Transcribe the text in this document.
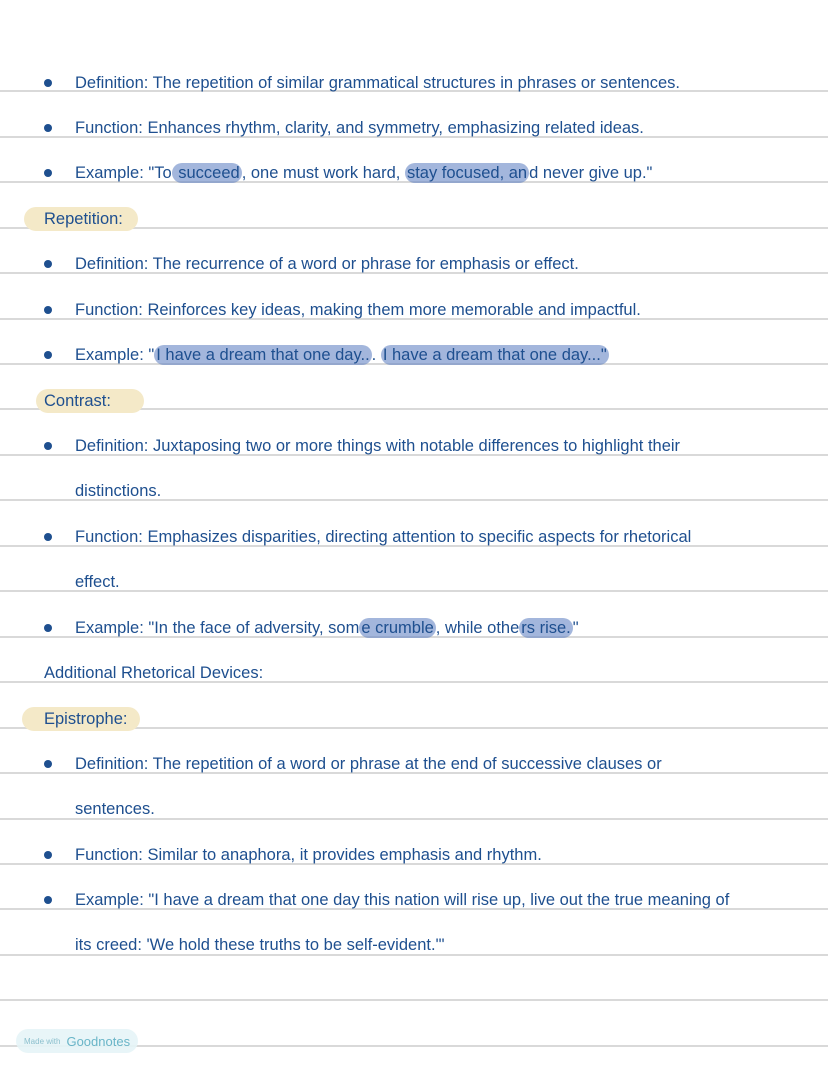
Definition: The repetition of similar grammatical structures in phrases or sentences.
Function: Enhances rhythm, clarity, and symmetry, emphasizing related ideas.
Example: "To succeed , one must work hard, stay focused, an d never give up."
Repetition:
Definition: The recurrence of a word or phrase for emphasis or effect.
Function: Reinforces key ideas, making them more memorable and impactful.
Example: " I have a dream that one day.. . I have a dream that one day..."
Contrast:
Definition: Juxtaposing two or more things with notable differences to highlight their
distinctions.
Function: Emphasizes disparities, directing attention to specific aspects for rhetorical
effect.
Example: "In the face of adversity, som e crumble , while othe rs rise. "
Additional Rhetorical Devices:
Epistrophe:
Definition: The repetition of a word or phrase at the end of successive clauses or
sentences.
Function: Similar to anaphora, it provides emphasis and rhythm.
Example: "I have a dream that one day this nation will rise up, live out the true meaning of
its creed: 'We hold these truths to be self-evident.'"
Made with Goodnotes
